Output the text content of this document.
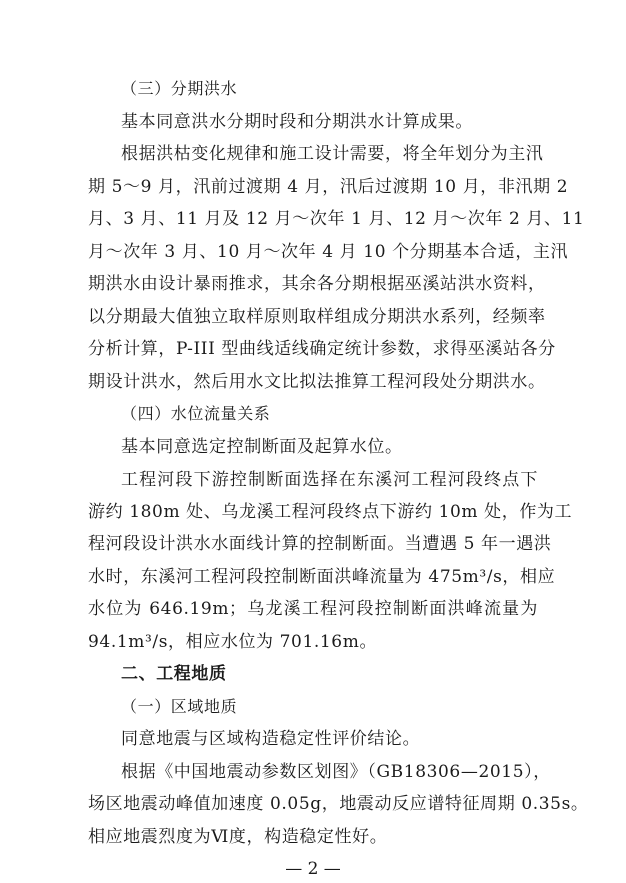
（三）分期洪水
基本同意洪水分期时段和分期洪水计算成果。
根据洪枯变化规律和施工设计需要，将全年划分为主汛
期 5～9 月，汛前过渡期 4 月，汛后过渡期 10 月，非汛期 2
月、3 月、11 月及 12 月～次年 1 月、12 月～次年 2 月、11
月～次年 3 月、10 月～次年 4 月 10 个分期基本合适，主汛
期洪水由设计暴雨推求，其余各分期根据巫溪站洪水资料，
以分期最大值独立取样原则取样组成分期洪水系列，经频率
分析计算，P-III 型曲线适线确定统计参数，求得巫溪站各分
期设计洪水，然后用水文比拟法推算工程河段处分期洪水。
（四）水位流量关系
基本同意选定控制断面及起算水位。
工程河段下游控制断面选择在东溪河工程河段终点下
游约 180m 处、乌龙溪工程河段终点下游约 10m 处，作为工
程河段设计洪水水面线计算的控制断面。当遭遇 5 年一遇洪
水时，东溪河工程河段控制断面洪峰流量为 475m³/s，相应
水位为 646.19m；乌龙溪工程河段控制断面洪峰流量为
94.1m³/s，相应水位为 701.16m。
二、工程地质
（一）区域地质
同意地震与区域构造稳定性评价结论。
根据《中国地震动参数区划图》（GB18306—2015），
场区地震动峰值加速度 0.05g，地震动反应谱特征周期 0.35s。
相应地震烈度为Ⅵ度，构造稳定性好。
— 2 —
